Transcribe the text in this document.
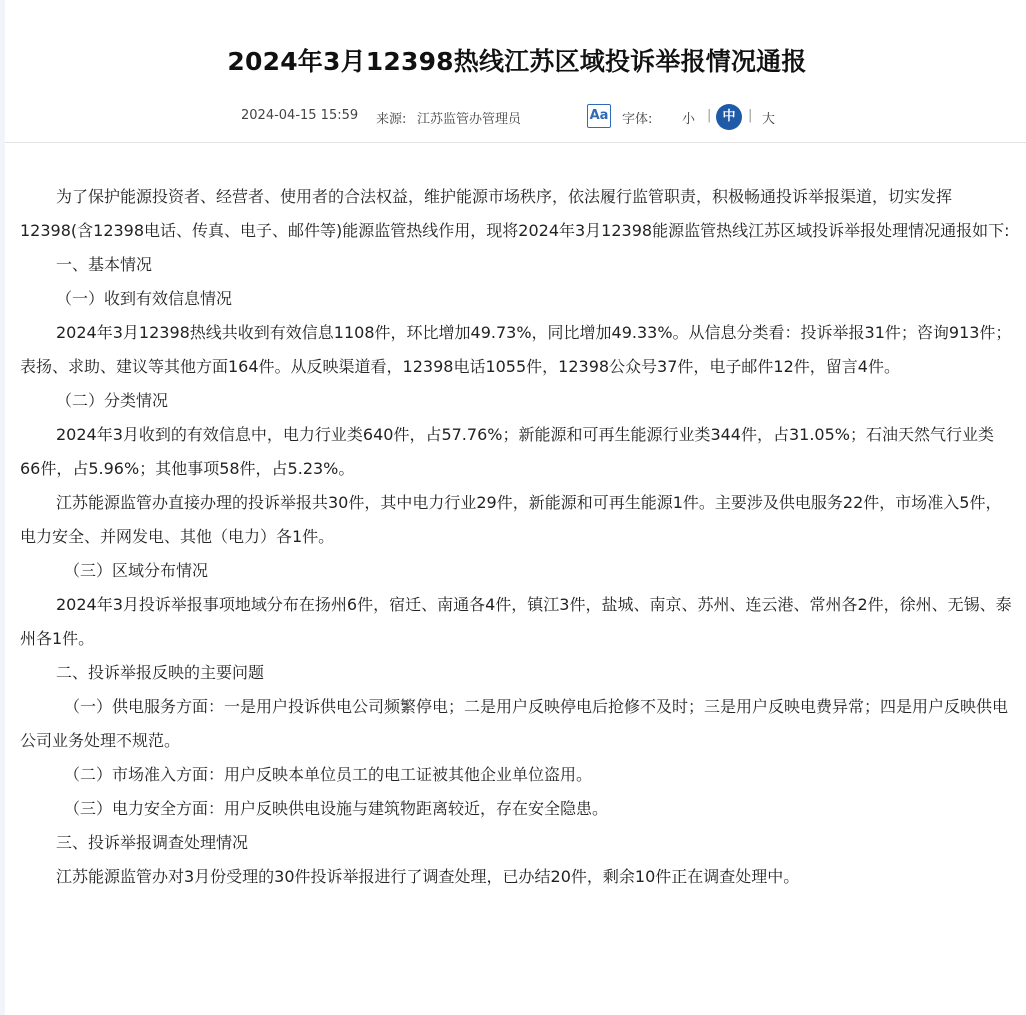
2024年3月12398热线江苏区域投诉举报情况通报
2024-04-15 15:59 来源: 江苏监管办管理员	Aa 字体: 小 | 中 | 大

为了保护能源投资者、经营者、使用者的合法权益，维护能源市场秩序，依法履行监管职责，积极畅通投诉举报渠道，切实发挥12398(含12398电话、传真、电子、邮件等)能源监管热线作用，现将2024年3月12398能源监管热线江苏区域投诉举报处理情况通报如下:

一、基本情况

（一）收到有效信息情况

2024年3月12398热线共收到有效信息1108件，环比增加49.73%，同比增加49.33%。从信息分类看：投诉举报31件；咨询913件；表扬、求助、建议等其他方面164件。从反映渠道看，12398电话1055件，12398公众号37件，电子邮件12件，留言4件。

（二）分类情况

2024年3月收到的有效信息中，电力行业类640件，占57.76%；新能源和可再生能源行业类344件，占31.05%；石油天然气行业类66件，占5.96%；其他事项58件，占5.23%。

江苏能源监管办直接办理的投诉举报共30件，其中电力行业29件，新能源和可再生能源1件。主要涉及供电服务22件，市场准入5件，电力安全、并网发电、其他（电力）各1件。

（三）区域分布情况

2024年3月投诉举报事项地域分布在扬州6件，宿迁、南通各4件，镇江3件，盐城、南京、苏州、连云港、常州各2件，徐州、无锡、泰州各1件。

二、投诉举报反映的主要问题

（一）供电服务方面：一是用户投诉供电公司频繁停电；二是用户反映停电后抢修不及时；三是用户反映电费异常；四是用户反映供电公司业务处理不规范。

（二）市场准入方面：用户反映本单位员工的电工证被其他企业单位盗用。

（三）电力安全方面：用户反映供电设施与建筑物距离较近，存在安全隐患。

三、投诉举报调查处理情况

江苏能源监管办对3月份受理的30件投诉举报进行了调查处理，已办结20件，剩余10件正在调查处理中。
